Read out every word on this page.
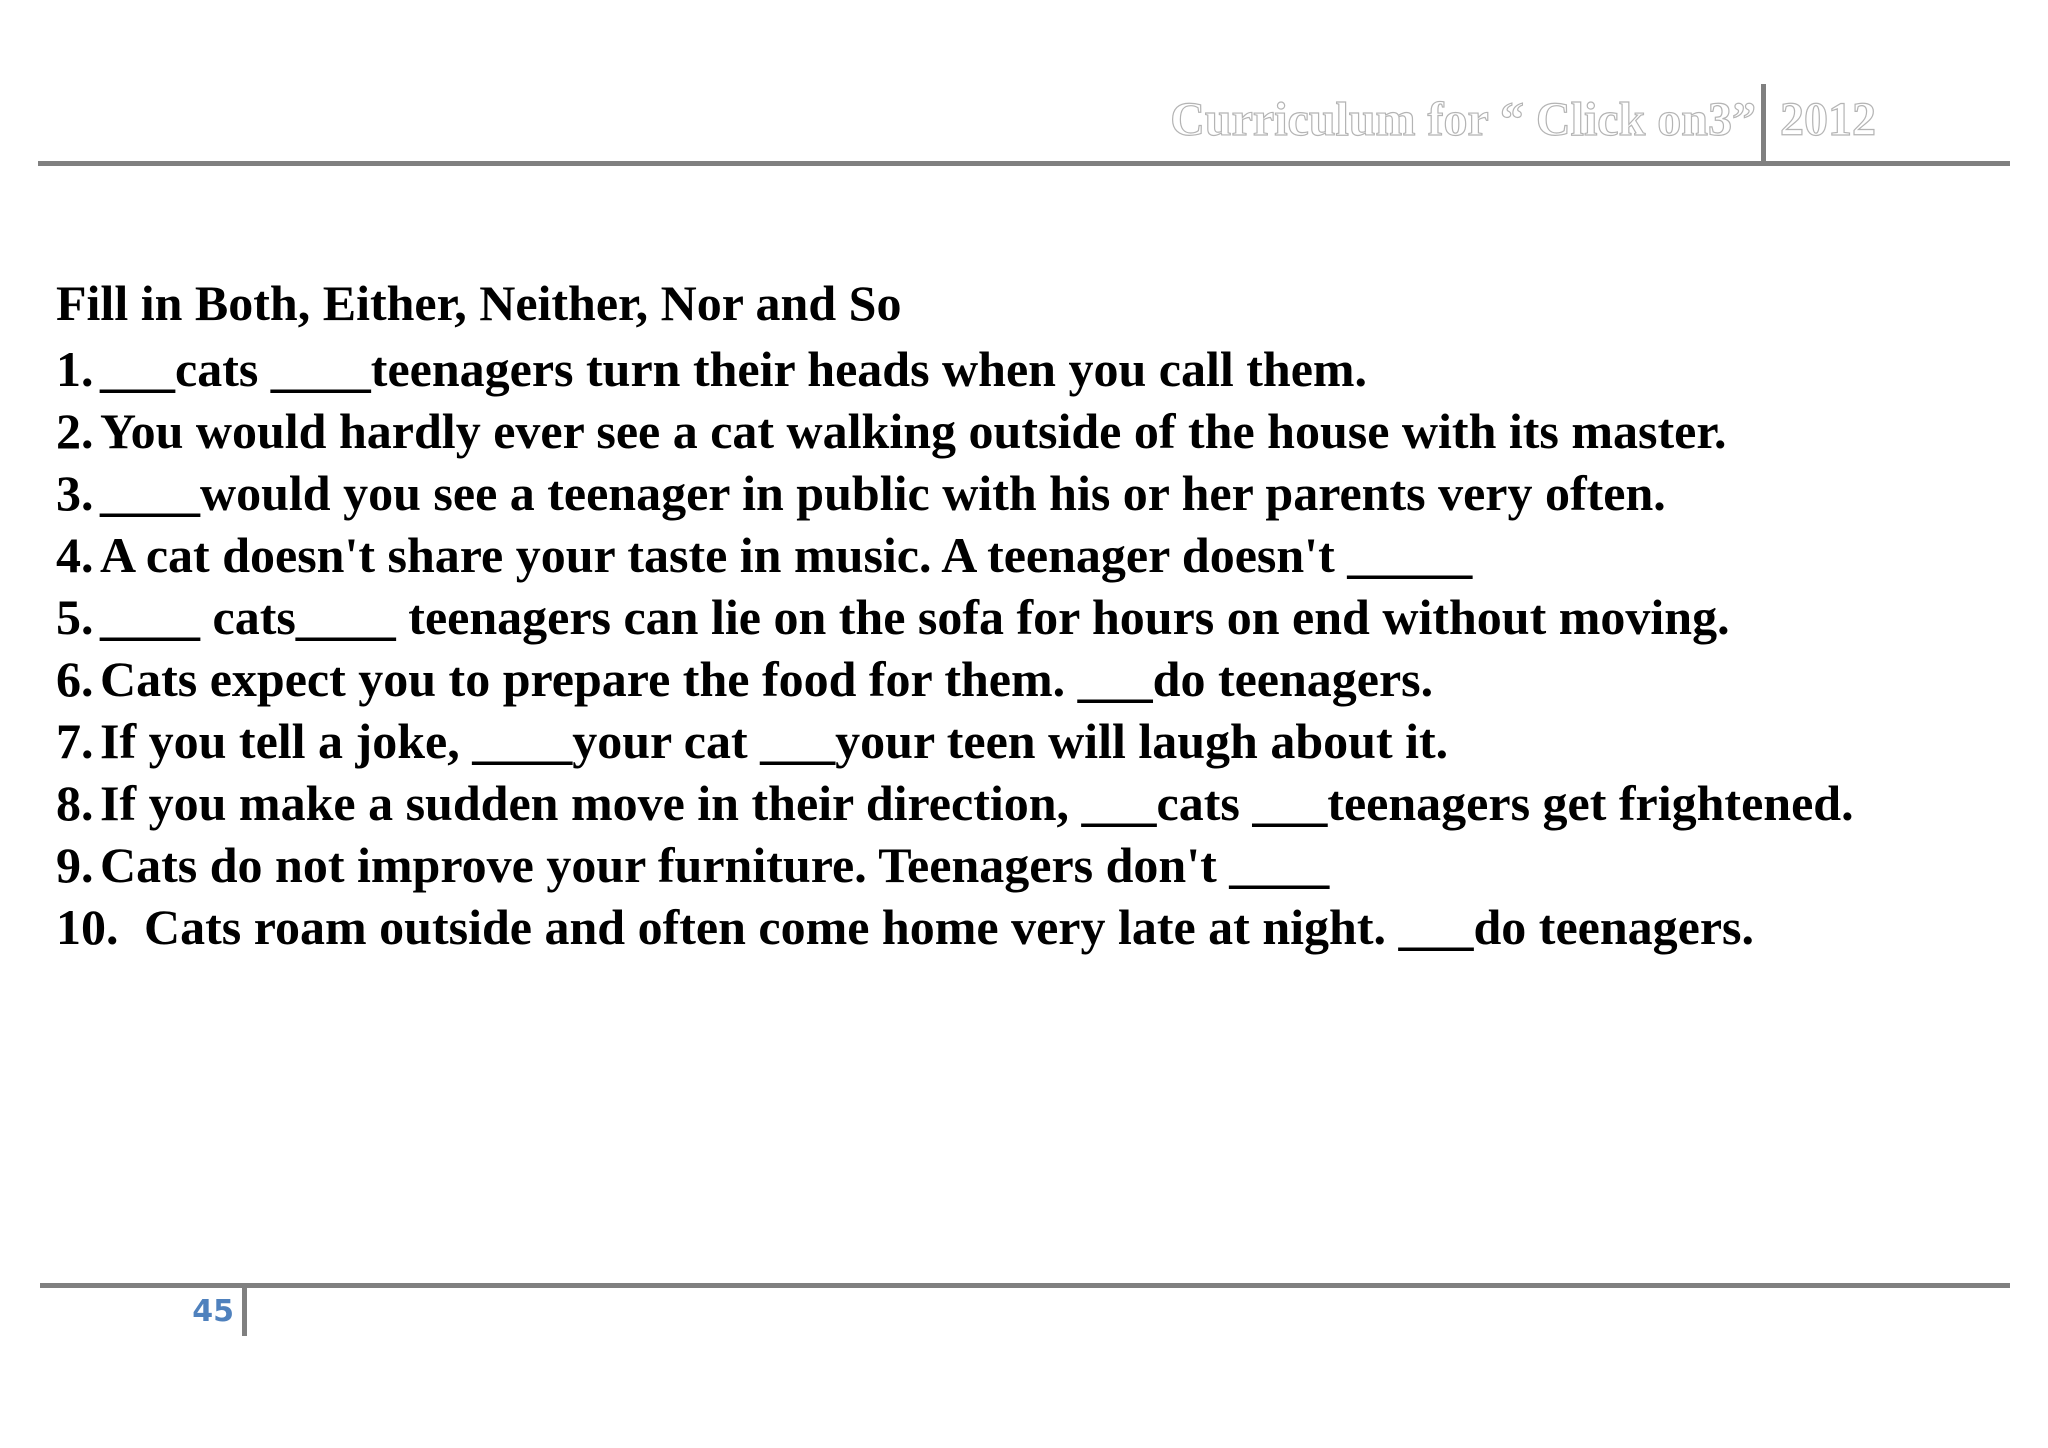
Curriculum for “ Click on3” 2012
Fill in Both, Either, Neither, Nor and So
1. ___cats ____teenagers turn their heads when you call them.
2. You would hardly ever see a cat walking outside of the house with its master.
3. ____would you see a teenager in public with his or her parents very often.
4. A cat doesn't share your taste in music. A teenager doesn't _____
5. ____ cats____ teenagers can lie on the sofa for hours on end without moving.
6. Cats expect you to prepare the food for them. ___do teenagers.
7. If you tell a joke, ____your cat ___your teen will laugh about it.
8. If you make a sudden move in their direction, ___cats ___teenagers get frightened.
9. Cats do not improve your furniture. Teenagers don't ____
10. Cats roam outside and often come home very late at night. ___do teenagers.
45
